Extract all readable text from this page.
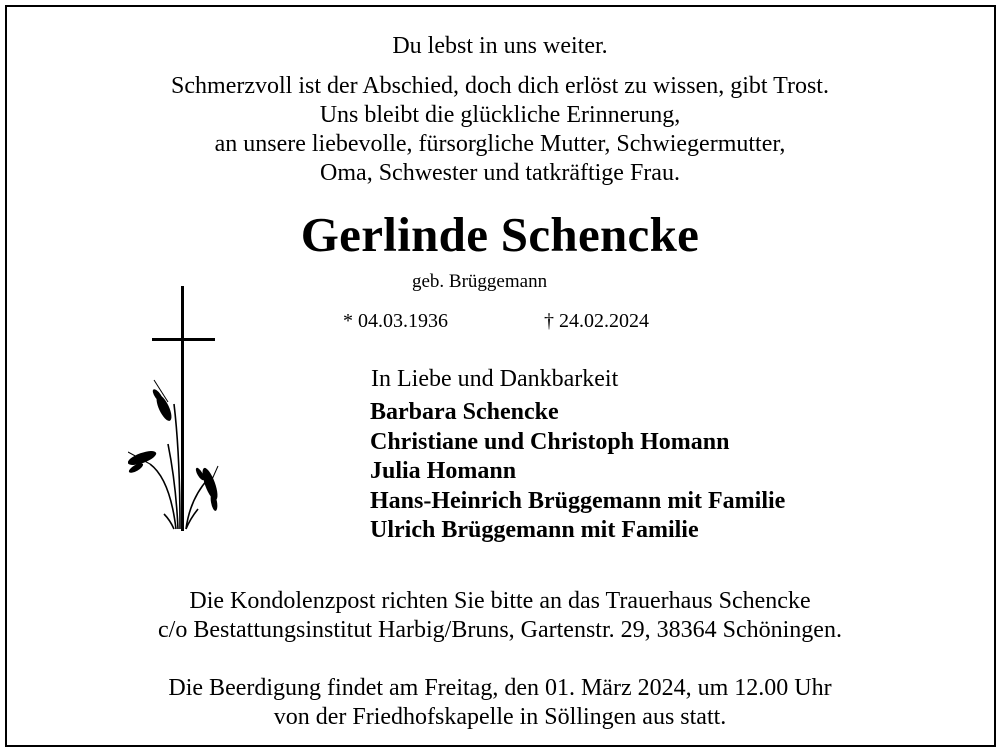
Du lebst in uns weiter.
Schmerzvoll ist der Abschied, doch dich erlöst zu wissen, gibt Trost.
Uns bleibt die glückliche Erinnerung,
an unsere liebevolle, fürsorgliche Mutter, Schwiegermutter,
Oma, Schwester und tatkräftige Frau.
Gerlinde Schencke
geb. Brüggemann
* 04.03.1936	† 24.02.2024
In Liebe und Dankbarkeit
Barbara Schencke
Christiane und Christoph Homann
Julia Homann
Hans-Heinrich Brüggemann mit Familie
Ulrich Brüggemann mit Familie
Die Kondolenzpost richten Sie bitte an das Trauerhaus Schencke
c/o Bestattungsinstitut Harbig/Bruns, Gartenstr. 29, 38364 Schöningen.
Die Beerdigung findet am Freitag, den 01. März 2024, um 12.00 Uhr
von der Friedhofskapelle in Söllingen aus statt.
